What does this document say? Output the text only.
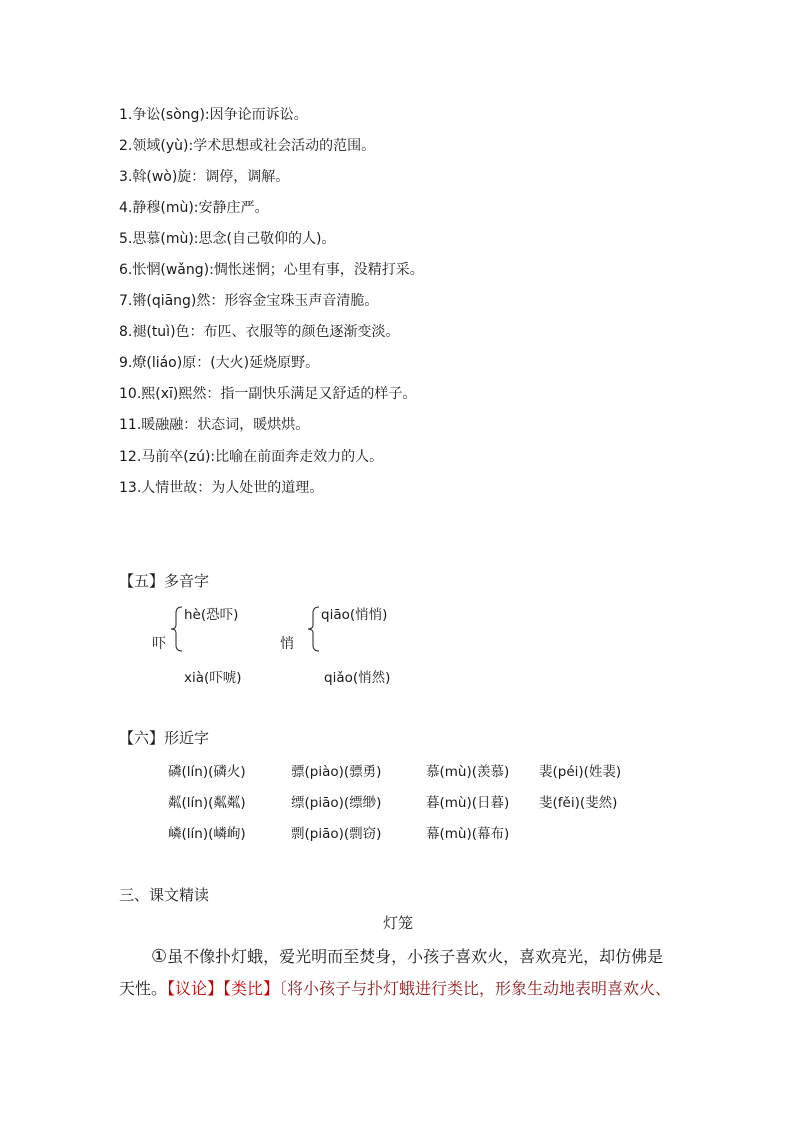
1.争讼(sòng):因争论而诉讼。
2.领域(yù):学术思想或社会活动的范围。
3.斡(wò)旋：调停，调解。
4.静穆(mù):安静庄严。
5.思慕(mù):思念(自己敬仰的人)。
6.怅惘(wǎng):惆怅迷惘；心里有事，没精打采。
7.锵(qiāng)然：形容金宝珠玉声音清脆。
8.褪(tuì)色：布匹、衣服等的颜色逐渐变淡。
9.燎(liáo)原：(大火)延烧原野。
10.熙(xī)熙然：指一副快乐满足又舒适的样子。
11.暖融融：状态词，暖烘烘。
12.马前卒(zú):比喻在前面奔走效力的人。
13.人情世故：为人处世的道理。
【五】多音字
hè(恐吓)
吓
xià(吓唬)
qiāo(悄悄)
悄
qiǎo(悄然)
【六】形近字
磷(lín)(磷火)	骠(piào)(骠勇)	慕(mù)(羡慕) 裴(péi)(姓裴)
粼(lín)(粼粼)	缥(piāo)(缥缈)	暮(mù)(日暮) 斐(fěi)(斐然)
嶙(lín)(嶙峋)	剽(piāo)(剽窃)	幕(mù)(幕布)
三、课文精读
灯笼
①虽不像扑灯蛾，爱光明而至焚身，小孩子喜欢火，喜欢亮光，却仿佛是
天性。【议论】【类比】〔将小孩子与扑灯蛾进行类比，形象生动地表明喜欢火、
